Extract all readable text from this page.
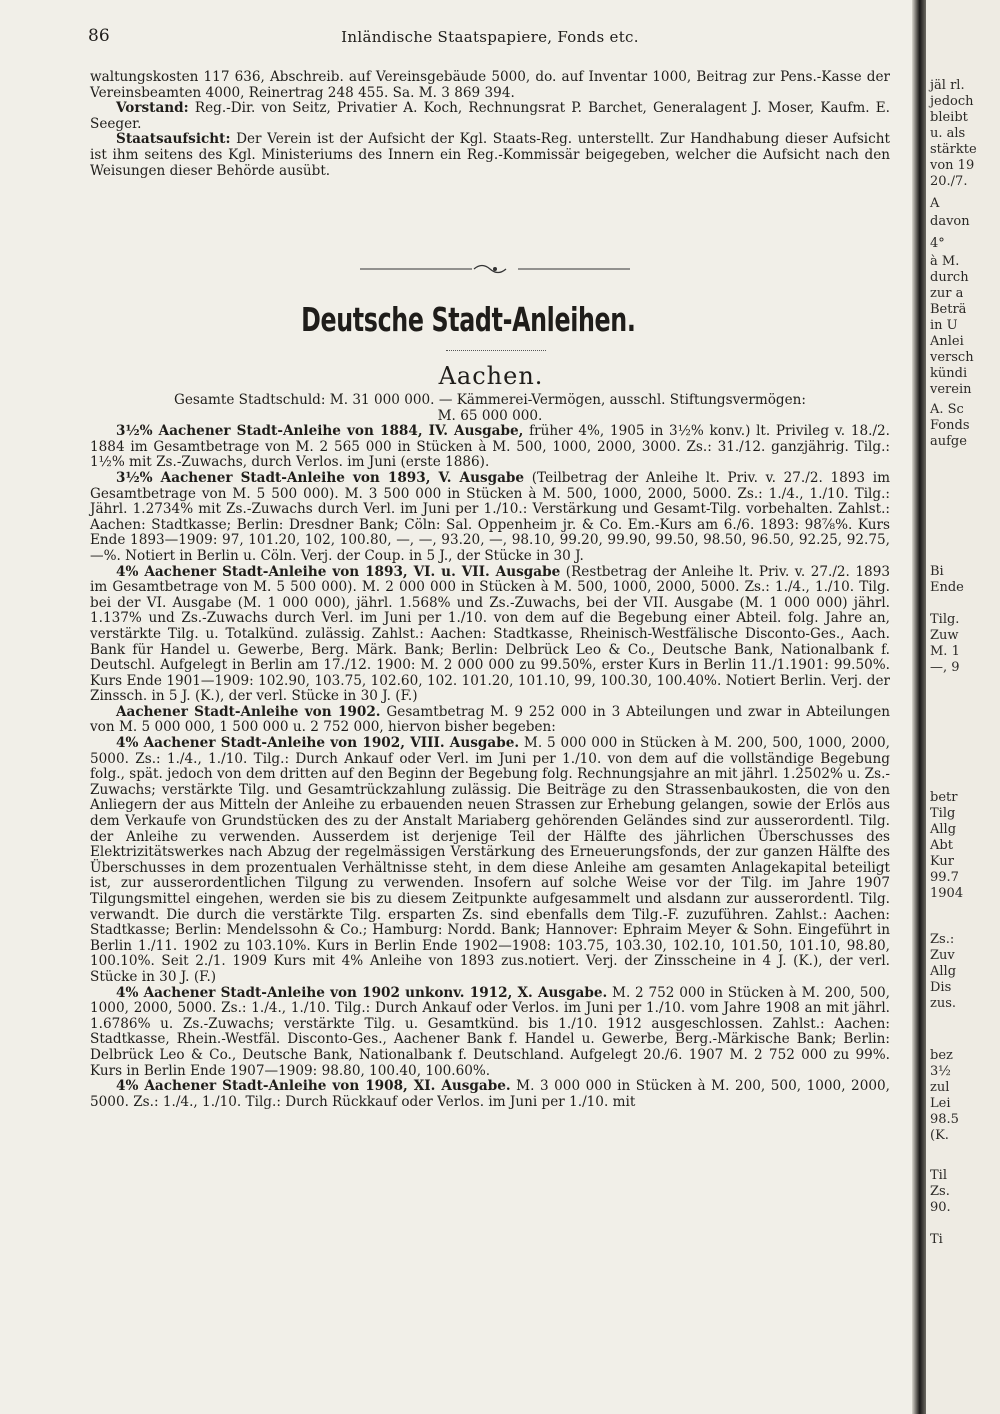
86	Inländische Staatspapiere, Fonds etc.

waltungskosten 117 636, Abschreib. auf Vereinsgebäude 5000, do. auf Inventar 1000, Beitrag zur Pens.-Kasse der Vereinsbeamten 4000, Reinertrag 248 455. Sa. M. 3 869 394.

Vorstand: Reg.-Dir. von Seitz, Privatier A. Koch, Rechnungsrat P. Barchet, Generalagent J. Moser, Kaufm. E. Seeger.

Staatsaufsicht: Der Verein ist der Aufsicht der Kgl. Staats-Reg. unterstellt. Zur Handhabung dieser Aufsicht ist ihm seitens des Kgl. Ministeriums des Innern ein Reg.-Kommissär beigegeben, welcher die Aufsicht nach den Weisungen dieser Behörde ausübt.

Deutsche Stadt-Anleihen.
Aachen.

Gesamte Stadtschuld: M. 31 000 000. — Kämmerei-Vermögen, ausschl. Stiftungsvermögen:

M. 65 000 000.

3½% Aachener Stadt-Anleihe von 1884, IV. Ausgabe, früher 4%, 1905 in 3½% konv.) lt. Privileg v. 18./2. 1884 im Gesamtbetrage von M. 2 565 000 in Stücken à M. 500, 1000, 2000, 3000. Zs.: 31./12. ganzjährig. Tilg.: 1½% mit Zs.-Zuwachs, durch Verlos. im Juni (erste 1886).

3½% Aachener Stadt-Anleihe von 1893, V. Ausgabe (Teilbetrag der Anleihe lt. Priv. v. 27./2. 1893 im Gesamtbetrage von M. 5 500 000). M. 3 500 000 in Stücken à M. 500, 1000, 2000, 5000. Zs.: 1./4., 1./10. Tilg.: Jährl. 1.2734% mit Zs.-Zuwachs durch Verl. im Juni per 1./10.: Verstärkung und Gesamt-Tilg. vorbehalten. Zahlst.: Aachen: Stadtkasse; Berlin: Dresdner Bank; Cöln: Sal. Oppenheim jr. & Co. Em.-Kurs am 6./6. 1893: 98⅞%. Kurs Ende 1893—1909: 97, 101.20, 102, 100.80, —, —, 93.20, —, 98.10, 99.20, 99.90, 99.50, 98.50, 96.50, 92.25, 92.75, —%. Notiert in Berlin u. Cöln. Verj. der Coup. in 5 J., der Stücke in 30 J.

4% Aachener Stadt-Anleihe von 1893, VI. u. VII. Ausgabe (Restbetrag der Anleihe lt. Priv. v. 27./2. 1893 im Gesamtbetrage von M. 5 500 000). M. 2 000 000 in Stücken à M. 500, 1000, 2000, 5000. Zs.: 1./4., 1./10. Tilg. bei der VI. Ausgabe (M. 1 000 000), jährl. 1.568% und Zs.-Zuwachs, bei der VII. Ausgabe (M. 1 000 000) jährl. 1.137% und Zs.-Zuwachs durch Verl. im Juni per 1./10. von dem auf die Begebung einer Abteil. folg. Jahre an, verstärkte Tilg. u. Totalkünd. zulässig. Zahlst.: Aachen: Stadtkasse, Rheinisch-Westfälische Disconto-Ges., Aach. Bank für Handel u. Gewerbe, Berg. Märk. Bank; Berlin: Delbrück Leo & Co., Deutsche Bank, Nationalbank f. Deutschl. Aufgelegt in Berlin am 17./12. 1900: M. 2 000 000 zu 99.50%, erster Kurs in Berlin 11./1.1901: 99.50%. Kurs Ende 1901—1909: 102.90, 103.75, 102.60, 102. 101.20, 101.10, 99, 100.30, 100.40%. Notiert Berlin. Verj. der Zinssch. in 5 J. (K.), der verl. Stücke in 30 J. (F.)

Aachener Stadt-Anleihe von 1902. Gesamtbetrag M. 9 252 000 in 3 Abteilungen und zwar in Abteilungen von M. 5 000 000, 1 500 000 u. 2 752 000, hiervon bisher begeben:

4% Aachener Stadt-Anleihe von 1902, VIII. Ausgabe. M. 5 000 000 in Stücken à M. 200, 500, 1000, 2000, 5000. Zs.: 1./4., 1./10. Tilg.: Durch Ankauf oder Verl. im Juni per 1./10. von dem auf die vollständige Begebung folg., spät. jedoch von dem dritten auf den Beginn der Begebung folg. Rechnungsjahre an mit jährl. 1.2502% u. Zs.-Zuwachs; verstärkte Tilg. und Gesamtrückzahlung zulässig. Die Beiträge zu den Strassenbaukosten, die von den Anliegern der aus Mitteln der Anleihe zu erbauenden neuen Strassen zur Erhebung gelangen, sowie der Erlös aus dem Verkaufe von Grundstücken des zu der Anstalt Mariaberg gehörenden Geländes sind zur ausserordentl. Tilg. der Anleihe zu verwenden. Ausserdem ist derjenige Teil der Hälfte des jährlichen Überschusses des Elektrizitätswerkes nach Abzug der regelmässigen Verstärkung des Erneuerungsfonds, der zur ganzen Hälfte des Überschusses in dem prozentualen Verhältnisse steht, in dem diese Anleihe am gesamten Anlagekapital beteiligt ist, zur ausserordentlichen Tilgung zu verwenden. Insofern auf solche Weise vor der Tilg. im Jahre 1907 Tilgungsmittel eingehen, werden sie bis zu diesem Zeitpunkte aufgesammelt und alsdann zur ausserordentl. Tilg. verwandt. Die durch die verstärkte Tilg. ersparten Zs. sind ebenfalls dem Tilg.-F. zuzuführen. Zahlst.: Aachen: Stadtkasse; Berlin: Mendelssohn & Co.; Hamburg: Nordd. Bank; Hannover: Ephraim Meyer & Sohn. Eingeführt in Berlin 1./11. 1902 zu 103.10%. Kurs in Berlin Ende 1902—1908: 103.75, 103.30, 102.10, 101.50, 101.10, 98.80, 100.10%. Seit 2./1. 1909 Kurs mit 4% Anleihe von 1893 zus.notiert. Verj. der Zinsscheine in 4 J. (K.), der verl. Stücke in 30 J. (F.)

4% Aachener Stadt-Anleihe von 1902 unkonv. 1912, X. Ausgabe. M. 2 752 000 in Stücken à M. 200, 500, 1000, 2000, 5000. Zs.: 1./4., 1./10. Tilg.: Durch Ankauf oder Verlos. im Juni per 1./10. vom Jahre 1908 an mit jährl. 1.6786% u. Zs.-Zuwachs; verstärkte Tilg. u. Gesamtkünd. bis 1./10. 1912 ausgeschlossen. Zahlst.: Aachen: Stadtkasse, Rhein.-Westfäl. Disconto-Ges., Aachener Bank f. Handel u. Gewerbe, Berg.-Märkische Bank; Berlin: Delbrück Leo & Co., Deutsche Bank, Nationalbank f. Deutschland. Aufgelegt 20./6. 1907 M. 2 752 000 zu 99%. Kurs in Berlin Ende 1907—1909: 98.80, 100.40, 100.60%.

4% Aachener Stadt-Anleihe von 1908, XI. Ausgabe. M. 3 000 000 in Stücken à M. 200, 500, 1000, 2000, 5000. Zs.: 1./4., 1./10. Tilg.: Durch Rückkauf oder Verlos. im Juni per 1./10. mit

jäl rl.
jedoch
bleibt
u. als
stärkte
von 19
20./7.
A
davon
4°
à M.
durch
zur a
Beträ
in U
Anlei
versch
kündi
verein
A. Sc
Fonds
aufge
Bi
Ende
Tilg.
Zuw
M. 1
—, 9
betr
Tilg
Allg
Abt
Kur
99.7
1904
Zs.:
Zuv
Allg
Dis
zus.
bez
3½
zul
Lei
98.5
(K.
Til
Zs.
90.
Ti
